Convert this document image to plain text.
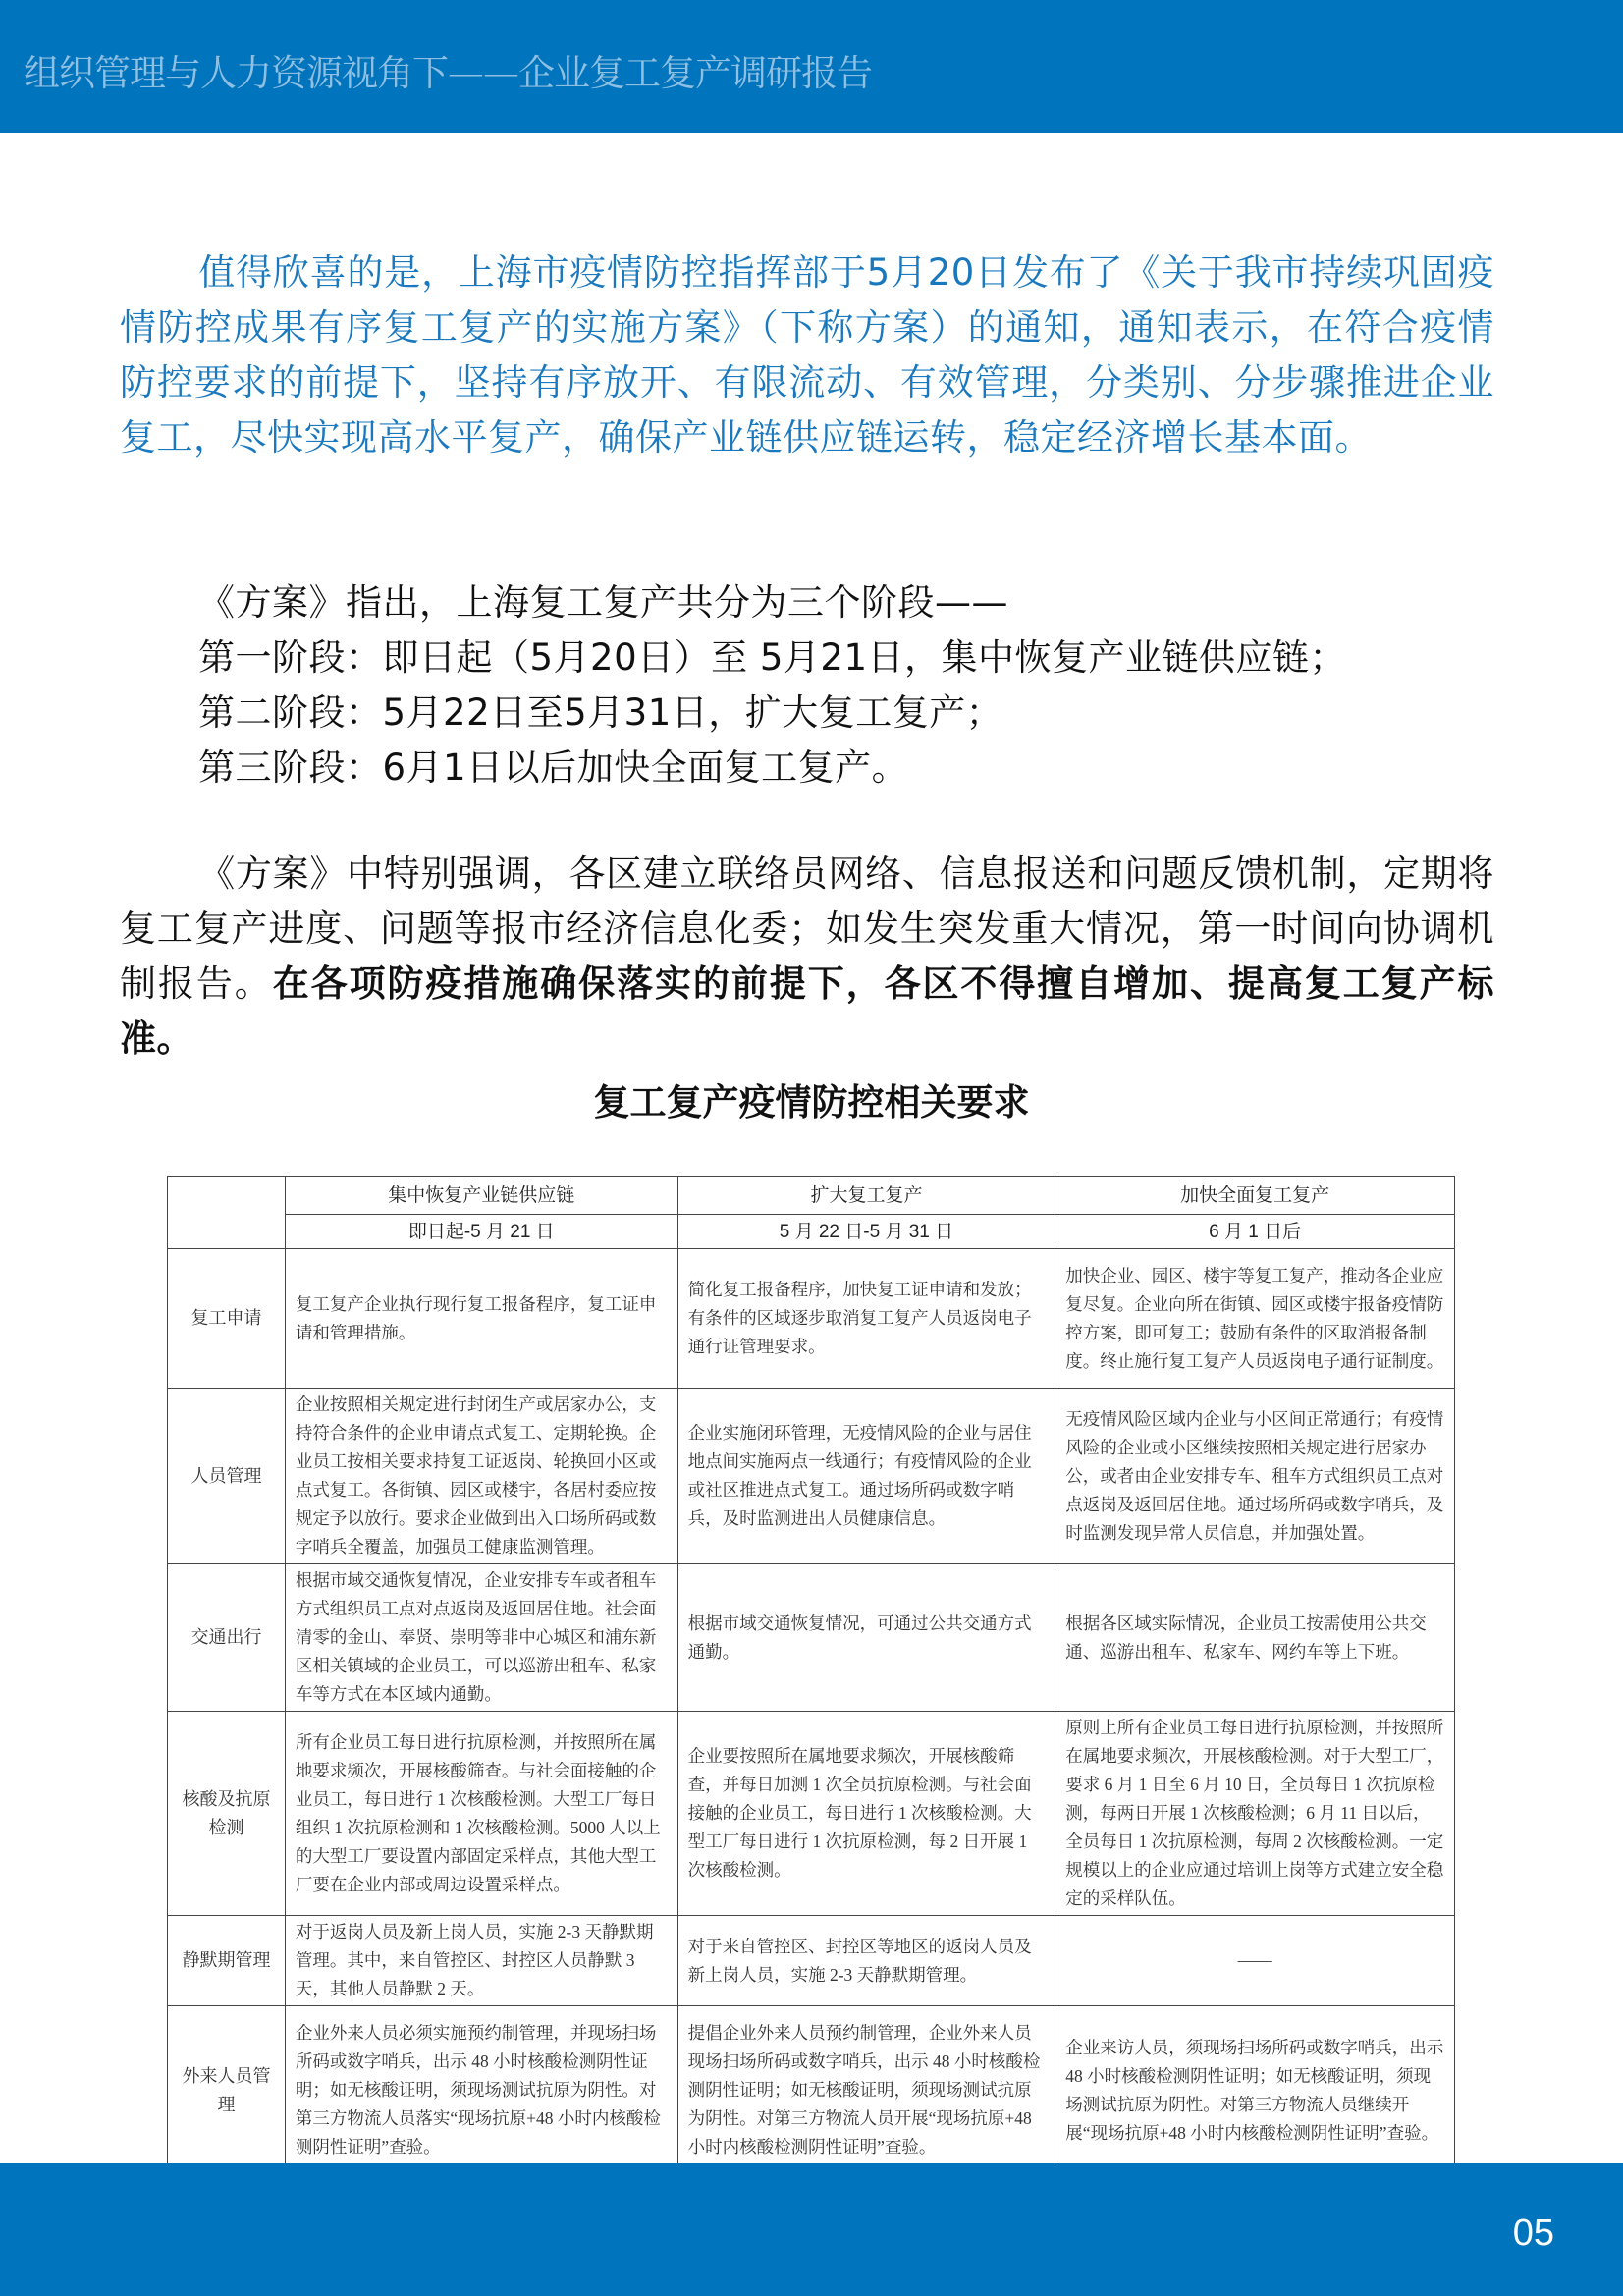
组织管理与人力资源视角下——企业复工复产调研报告

值得欣喜的是，上海市疫情防控指挥部于5月20日发布了《关于我市持续巩固疫情防控成果有序复工复产的实施方案》（下称方案）的通知，通知表示，在符合疫情防控要求的前提下，坚持有序放开、有限流动、有效管理，分类别、分步骤推进企业复工，尽快实现高水平复产，确保产业链供应链运转，稳定经济增长基本面。

《方案》指出，上海复工复产共分为三个阶段——
第一阶段：即日起（5月20日）至 5月21日，集中恢复产业链供应链；
第二阶段：5月22日至5月31日，扩大复工复产；
第三阶段：6月1日以后加快全面复工复产。

《方案》中特别强调，各区建立联络员网络、信息报送和问题反馈机制，定期将复工复产进度、问题等报市经济信息化委；如发生突发重大情况，第一时间向协调机制报告。在各项防疫措施确保落实的前提下，各区不得擅自增加、提高复工复产标准。

复工复产疫情防控相关要求
	集中恢复产业链供应链	扩大复工复产	加快全面复工复产
	即日起-5 月 21 日	5 月 22 日-5 月 31 日	6 月 1 日后
复工申请	复工复产企业执行现行复工报备程序，复工证申请和管理措施。	简化复工报备程序，加快复工证申请和发放；有条件的区域逐步取消复工复产人员返岗电子通行证管理要求。	加快企业、园区、楼宇等复工复产，推动各企业应复尽复。企业向所在街镇、园区或楼宇报备疫情防控方案，即可复工；鼓励有条件的区取消报备制度。终止施行复工复产人员返岗电子通行证制度。
人员管理	企业按照相关规定进行封闭生产或居家办公，支持符合条件的企业申请点式复工、定期轮换。企业员工按相关要求持复工证返岗、轮换回小区或点式复工。各街镇、园区或楼宇，各居村委应按规定予以放行。要求企业做到出入口场所码或数字哨兵全覆盖，加强员工健康监测管理。	企业实施闭环管理，无疫情风险的企业与居住地点间实施两点一线通行；有疫情风险的企业或社区推进点式复工。通过场所码或数字哨兵，及时监测进出人员健康信息。	无疫情风险区域内企业与小区间正常通行；有疫情风险的企业或小区继续按照相关规定进行居家办公，或者由企业安排专车、租车方式组织员工点对点返岗及返回居住地。通过场所码或数字哨兵，及时监测发现异常人员信息，并加强处置。
交通出行	根据市域交通恢复情况，企业安排专车或者租车方式组织员工点对点返岗及返回居住地。社会面清零的金山、奉贤、崇明等非中心城区和浦东新区相关镇域的企业员工，可以巡游出租车、私家车等方式在本区域内通勤。	根据市域交通恢复情况，可通过公共交通方式通勤。	根据各区域实际情况，企业员工按需使用公共交通、巡游出租车、私家车、网约车等上下班。
核酸及抗原检测	所有企业员工每日进行抗原检测，并按照所在属地要求频次，开展核酸筛查。与社会面接触的企业员工，每日进行 1 次核酸检测。大型工厂每日组织 1 次抗原检测和 1 次核酸检测。5000 人以上的大型工厂要设置内部固定采样点，其他大型工厂要在企业内部或周边设置采样点。	企业要按照所在属地要求频次，开展核酸筛查，并每日加测 1 次全员抗原检测。与社会面接触的企业员工，每日进行 1 次核酸检测。大型工厂每日进行 1 次抗原检测，每 2 日开展 1 次核酸检测。	原则上所有企业员工每日进行抗原检测，并按照所在属地要求频次，开展核酸检测。对于大型工厂，要求 6 月 1 日至 6 月 10 日，全员每日 1 次抗原检测，每两日开展 1 次核酸检测；6 月 11 日以后，全员每日 1 次抗原检测，每周 2 次核酸检测。一定规模以上的企业应通过培训上岗等方式建立安全稳定的采样队伍。
静默期管理	对于返岗人员及新上岗人员，实施 2-3 天静默期管理。其中，来自管控区、封控区人员静默 3 天，其他人员静默 2 天。	对于来自管控区、封控区等地区的返岗人员及新上岗人员，实施 2-3 天静默期管理。	——
外来人员管理	企业外来人员必须实施预约制管理，并现场扫场所码或数字哨兵，出示 48 小时核酸检测阴性证明；如无核酸证明，须现场测试抗原为阴性。对第三方物流人员落实“现场抗原+48 小时内核酸检测阴性证明”查验。	提倡企业外来人员预约制管理，企业外来人员现场扫场所码或数字哨兵，出示 48 小时核酸检测阴性证明；如无核酸证明，须现场测试抗原为阴性。对第三方物流人员开展“现场抗原+48 小时内核酸检测阴性证明”查验。	企业来访人员，须现场扫场所码或数字哨兵，出示 48 小时核酸检测阴性证明；如无核酸证明，须现场测试抗原为阴性。对第三方物流人员继续开展“现场抗原+48 小时内核酸检测阴性证明”查验。
05
